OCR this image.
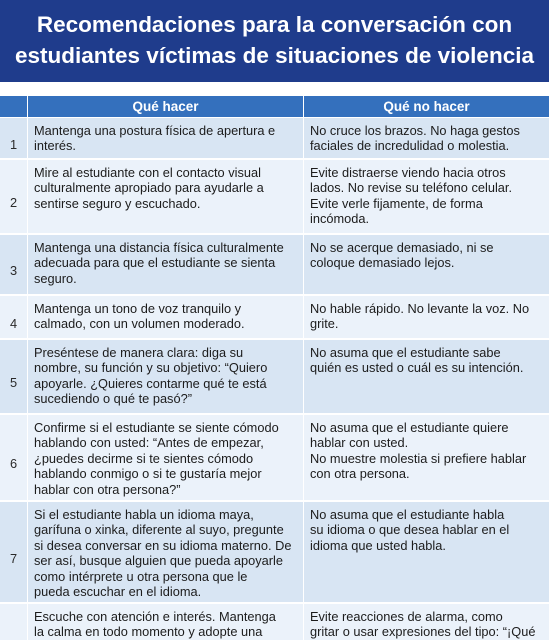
Recomendaciones para la conversación con
estudiantes víctimas de situaciones de violencia
Qué hacer	Qué no hacer
1
Mantenga una postura física de apertura e
interés.
No cruce los brazos. No haga gestos
faciales de incredulidad o molestia.
2
Mire al estudiante con el contacto visual
culturalmente apropiado para ayudarle a
sentirse seguro y escuchado.
Evite distraerse viendo hacia otros
lados. No revise su teléfono celular.
Evite verle fijamente, de forma
incómoda.
3
Mantenga una distancia física culturalmente
adecuada para que el estudiante se sienta
seguro.
No se acerque demasiado, ni se
coloque demasiado lejos.
4
Mantenga un tono de voz tranquilo y
calmado, con un volumen moderado.
No hable rápido. No levante la voz. No
grite.
5
Preséntese de manera clara: diga su
nombre, su función y su objetivo: “Quiero
apoyarle. ¿Quieres contarme qué te está
sucediendo o qué te pasó?”
No asuma que el estudiante sabe
quién es usted o cuál es su intención.
6
Confirme si el estudiante se siente cómodo
hablando con usted: “Antes de empezar,
¿puedes decirme si te sientes cómodo
hablando conmigo o si te gustaría mejor
hablar con otra persona?”
No asuma que el estudiante quiere
hablar con usted.
No muestre molestia si prefiere hablar
con otra persona.
7
Si el estudiante habla un idioma maya,
garífuna o xinka, diferente al suyo, pregunte
si desea conversar en su idioma materno. De
ser así, busque alguien que pueda apoyarle
como intérprete u otra persona que le
pueda escuchar en el idioma.
No asuma que el estudiante habla
su idioma o que desea hablar en el
idioma que usted habla.
Escuche con atención e interés. Mantenga
la calma en todo momento y adopte una
Evite reacciones de alarma, como
gritar o usar expresiones del tipo: “¡Qué
